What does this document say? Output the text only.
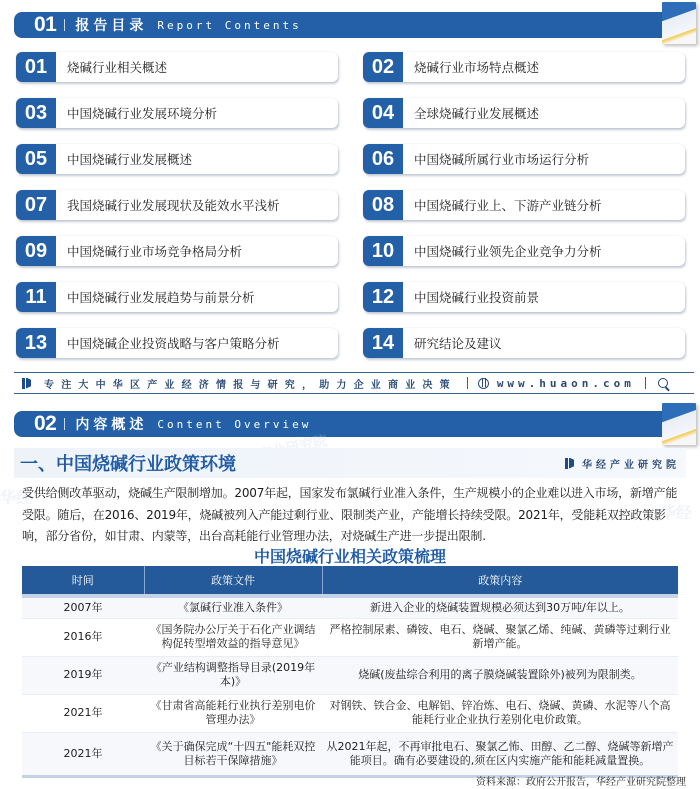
01 报告目录 Report Contents
01	烧碱行业相关概述	02	烧碱行业市场特点概述
03	中国烧碱行业发展环境分析	04	全球烧碱行业发展概述
05	中国烧碱行业发展概述	06	中国烧碱所属行业市场运行分析
07	我国烧碱行业发展现状及能效水平浅析	08	中国烧碱行业上、下游产业链分析
09	中国烧碱行业市场竞争格局分析	10	中国烧碱行业领先企业竞争力分析
11	中国烧碱行业发展趋势与前景分析	12	中国烧碱行业投资前景
13	中国烧碱企业投资战略与客户策略分析	14	研究结论及建议
专注大中华区产业经济情报与研究，助力企业商业决策	www.huaon.com
02 内容概述 Content Overview
华经
华经
一、中国烧碱行业政策环境	华经产业研究院
受供给侧改革驱动，烧碱生产限制增加。2007年起，国家发布氯碱行业准入条件，生产规模小的企业难以进入市场，新增产能受限。随后，在2016、2019年，烧碱被列入产能过剩行业、限制类产业，产能增长持续受限。2021年，受能耗双控政策影响，部分省份，如甘肃、内蒙等，出台高耗能行业管理办法，对烧碱生产进一步提出限制.
中国烧碱行业相关政策梳理
时间	政策文件	政策内容
2007年	《氯碱行业准入条件》	新进入企业的烧碱装置规模必须达到30万吨/年以上。
2016年	《国务院办公厅关于石化产业调结构促转型增效益的指导意见》	严格控制尿素、磷铵、电石、烧碱、聚氯乙烯、纯碱、黄磷等过剩行业新增产能。
2019年	《产业结构调整指导目录(2019年本)》	烧碱(废盐综合利用的离子膜烧碱装置除外)被列为限制类。
2021年	《甘肃省高能耗行业执行差别电价管理办法》	对钢铁、铁合金、电解铝、锌冶炼、电石、烧碱、黄磷、水泥等八个高能耗行业企业执行差别化电价政策。
2021年	《关于确保完成“十四五"能耗双控目标若干保障措施》	从2021年起，不再审批电石、聚氯乙怖、田醇、乙二醇、烧碱等新增产能项目。确有必要建设的,须在区内实施产能和能耗减量置换。
资料来源：政府公开报告，华经产业研究院整理
